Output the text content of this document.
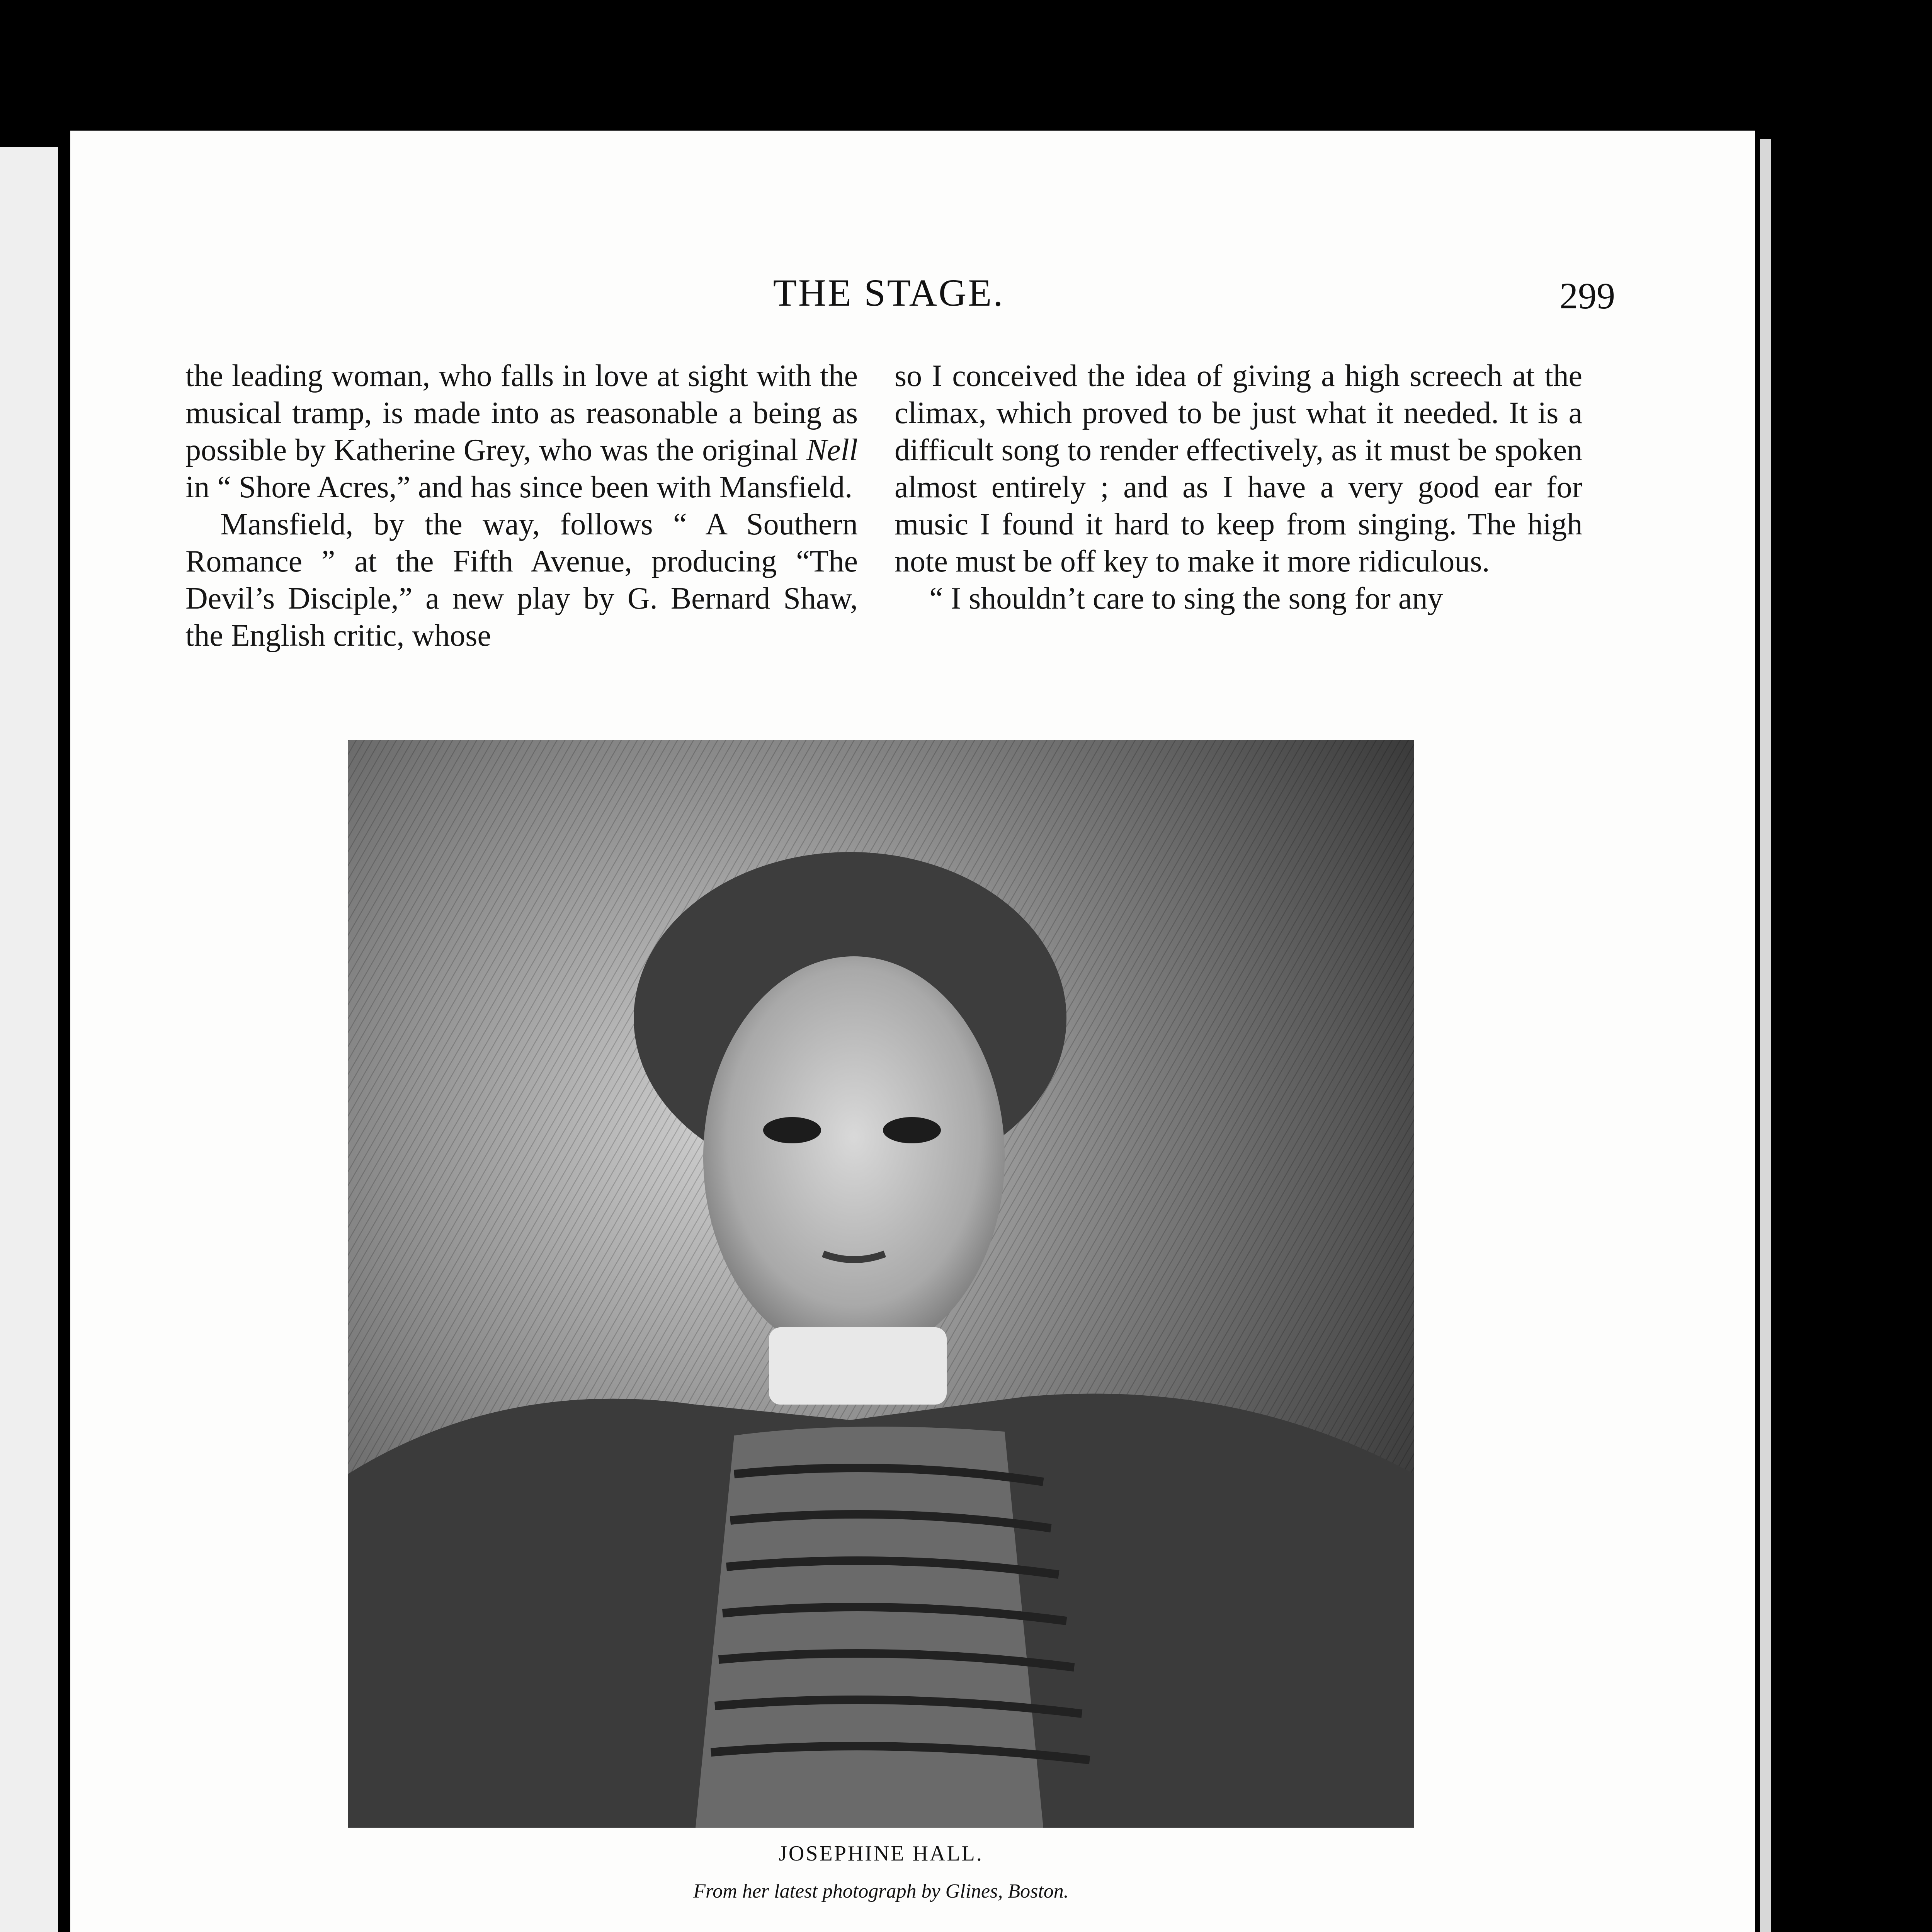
THE STAGE.	299

the leading woman, who falls in love at sight with the musical tramp, is made into as reasonable a being as possible by Katherine Grey, who was the original Nell in “ Shore Acres,” and has since been with Mansfield.

Mansfield, by the way, follows “ A Southern Romance ” at the Fifth Avenue, producing “The Devil’s Disciple,” a new play by G. Bernard Shaw, the English critic, whose

so I conceived the idea of giving a high screech at the climax, which proved to be just what it needed. It is a difficult song to render effectively, as it must be spoken almost entirely ; and as I have a very good ear for music I found it hard to keep from singing. The high note must be off key to make it more ridiculous.

“ I shouldn’t care to sing the song for any

JOSEPHINE HALL.
From her latest photograph by Glines, Boston.
